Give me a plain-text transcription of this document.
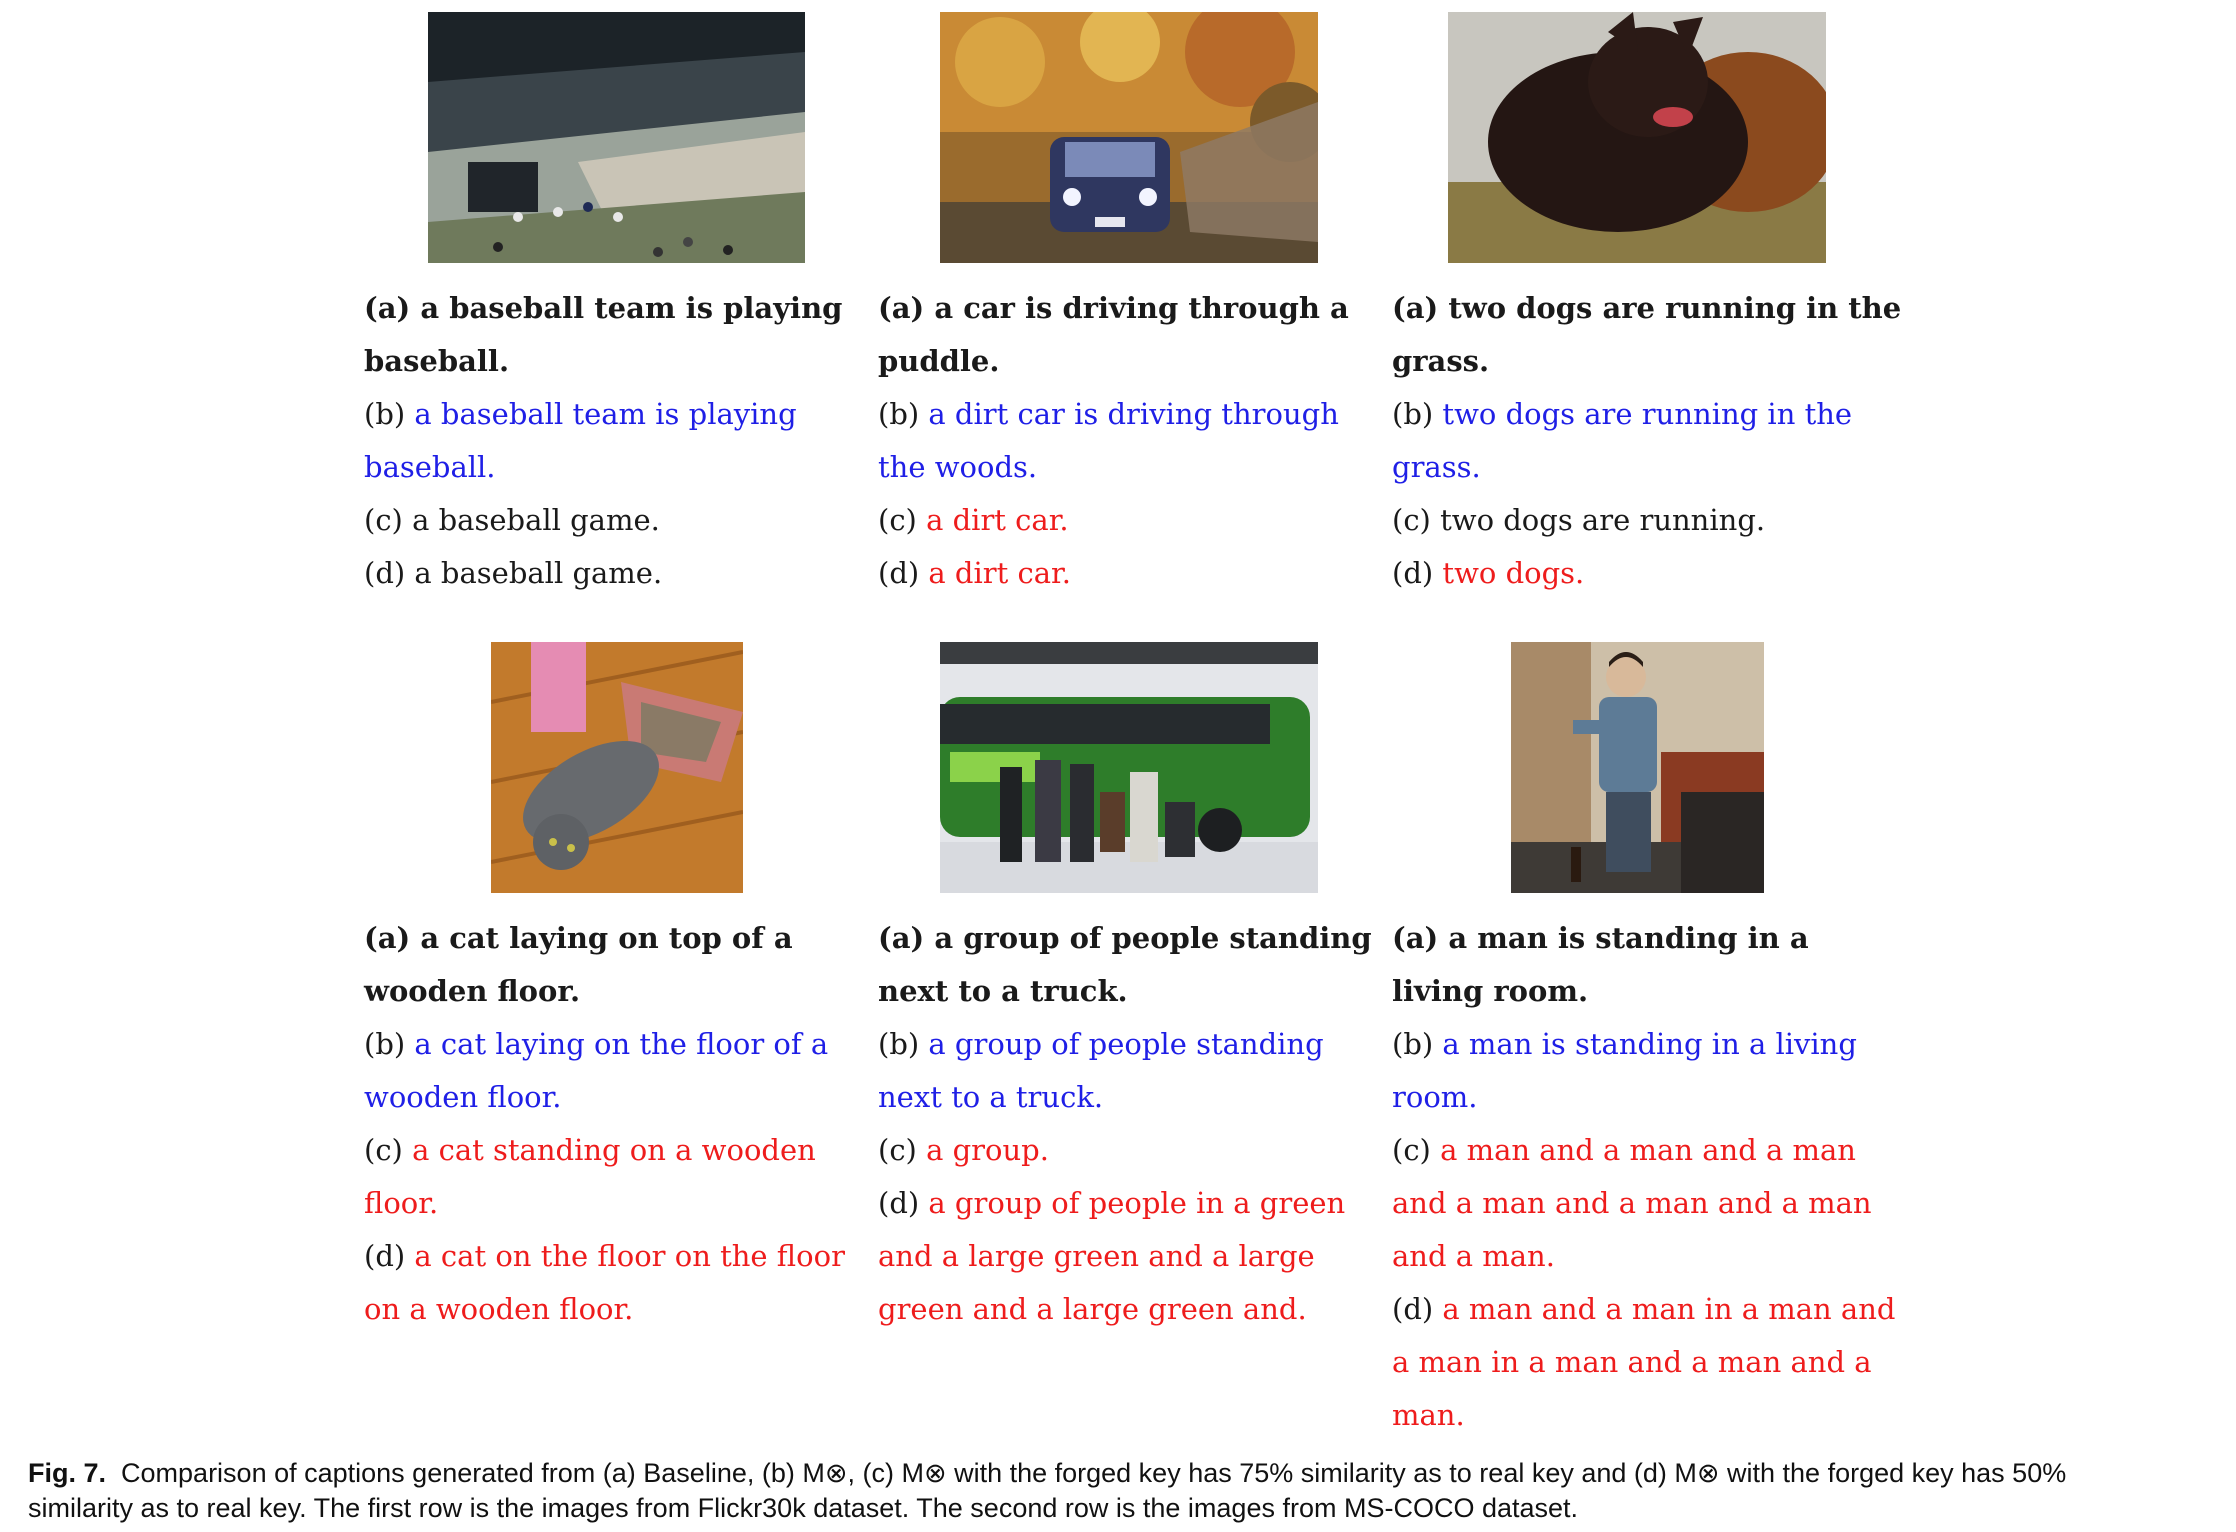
(a) a baseball team is playing baseball.

(b) a baseball team is playing baseball.

(c) a baseball game.

(d) a baseball game.

(a) a car is driving through a puddle.

(b) a dirt car is driving through the woods.

(c) a dirt car.

(d) a dirt car.

(a) two dogs are running in the grass.

(b) two dogs are running in the grass.

(c) two dogs are running.

(d) two dogs.

(a) a cat laying on top of a wooden floor.

(b) a cat laying on the floor of a wooden floor.

(c) a cat standing on a wooden floor.

(d) a cat on the floor on the floor on a wooden floor.

(a) a group of people standing next to a truck.

(b) a group of people standing next to a truck.

(c) a group.

(d) a group of people in a green and a large green and a large green and a large green and.

(a) a man is standing in a living room.

(b) a man is standing in a living room.

(c) a man and a man and a man and a man and a man and a man and a man.

(d) a man and a man in a man and a man in a man and a man and a man.

Fig. 7. Comparison of captions generated from (a) Baseline, (b) M⊗, (c) M⊗ with the forged key has 75% similarity as to real key and (d) M⊗ with the forged key has 50%
similarity as to real key. The first row is the images from Flickr30k dataset. The second row is the images from MS-COCO dataset.
